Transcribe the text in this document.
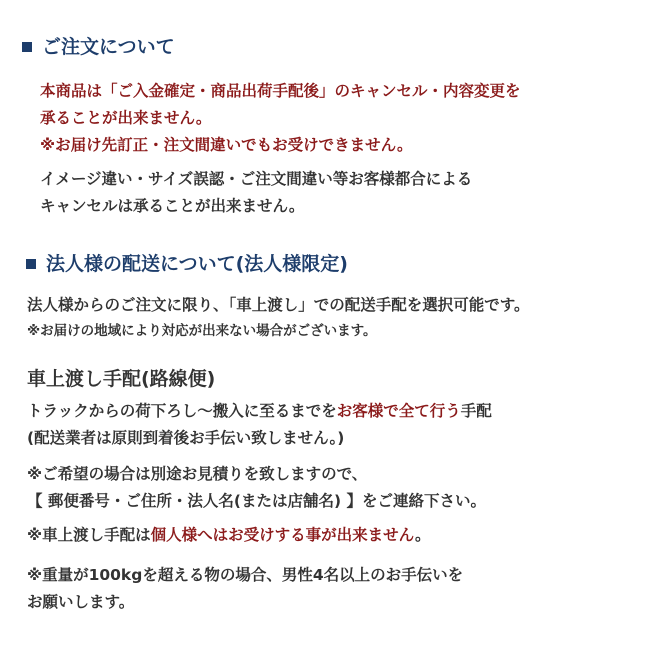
ご注文について
本商品は「ご入金確定・商品出荷手配後」のキャンセル・内容変更を
承ることが出来ません。
※お届け先訂正・注文間違いでもお受けできません。
イメージ違い・サイズ誤認・ご注文間違い等お客様都合による
キャンセルは承ることが出来ません。
法人様の配送について(法人様限定)
法人様からのご注文に限り、「車上渡し」での配送手配を選択可能です。
※お届けの地域により対応が出来ない場合がございます。
車上渡し手配(路線便)
トラックからの荷下ろし〜搬入に至るまでをお客様で全て行う手配
(配送業者は原則到着後お手伝い致しません。)
※ご希望の場合は別途お見積りを致しますので、
【 郵便番号・ご住所・法人名(または店舗名) 】をご連絡下さい。
※車上渡し手配は個人様へはお受けする事が出来ません。
※重量が100kgを超える物の場合、男性4名以上のお手伝いを
お願いします。
